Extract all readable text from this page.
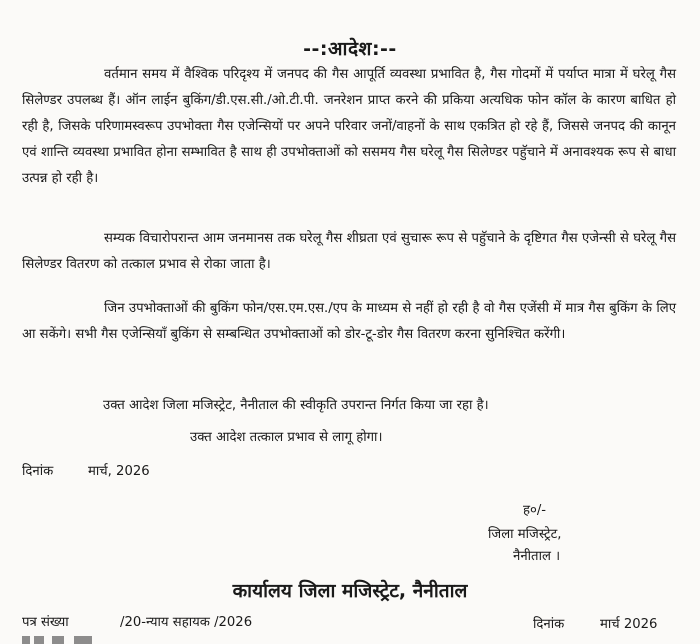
--:आदेश:--

वर्तमान समय में वैश्विक परिदृश्य में जनपद की गैस आपूर्ति व्यवस्था प्रभावित है, गैस गोदमों में पर्याप्त मात्रा में घरेलू गैस सिलेण्डर उपलब्ध हैं। ऑन लाईन बुकिंग/डी.एस.सी./ओ.टी.पी. जनरेशन प्राप्त करने की प्रकिया अत्यधिक फोन कॉल के कारण बाधित हो रही है, जिसके परिणामस्वरूप उपभोक्ता गैस एजेन्सियों पर अपने परिवार जनों/वाहनों के साथ एकत्रित हो रहे हैं, जिससे जनपद की कानून एवं शान्ति व्यवस्था प्रभावित होना सम्भावित है साथ ही उपभोक्ताओं को ससमय गैस घरेलू गैस सिलेण्डर पहुॅचाने में अनावश्यक रूप से बाधा उत्पन्न हो रही है।

सम्यक विचारोपरान्त आम जनमानस तक घरेलू गैस शीघ्रता एवं सुचारू रूप से पहुॅचाने के दृष्टिगत गैस एजेन्सी से घरेलू गैस सिलेण्डर वितरण को तत्काल प्रभाव से रोका जाता है।

जिन उपभोक्ताओं की बुकिंग फोन/एस.एम.एस./एप के माध्यम से नहीं हो रही है वो गैस एजेंसी में मात्र गैस बुकिंग के लिए आ सकेंगे। सभी गैस एजेन्सियॉं बुकिंग से सम्बन्धित उपभोक्ताओं को डोर-टू-डोर गैस वितरण करना सुनिश्चित करेंगी।

उक्त आदेश जिला मजिस्ट्रेट, नैनीताल की स्वीकृति उपरान्त निर्गत किया जा रहा है।
उक्त आदेश तत्काल प्रभाव से लागू होगा।
दिनांक	मार्च, 2026
ह०/-
जिला मजिस्ट्रेट,
नैनीताल ।
कार्यालय जिला मजिस्ट्रेट, नैनीताल
पत्र संख्या	/20-न्याय सहायक /2026	दिनांक	मार्च 2026
